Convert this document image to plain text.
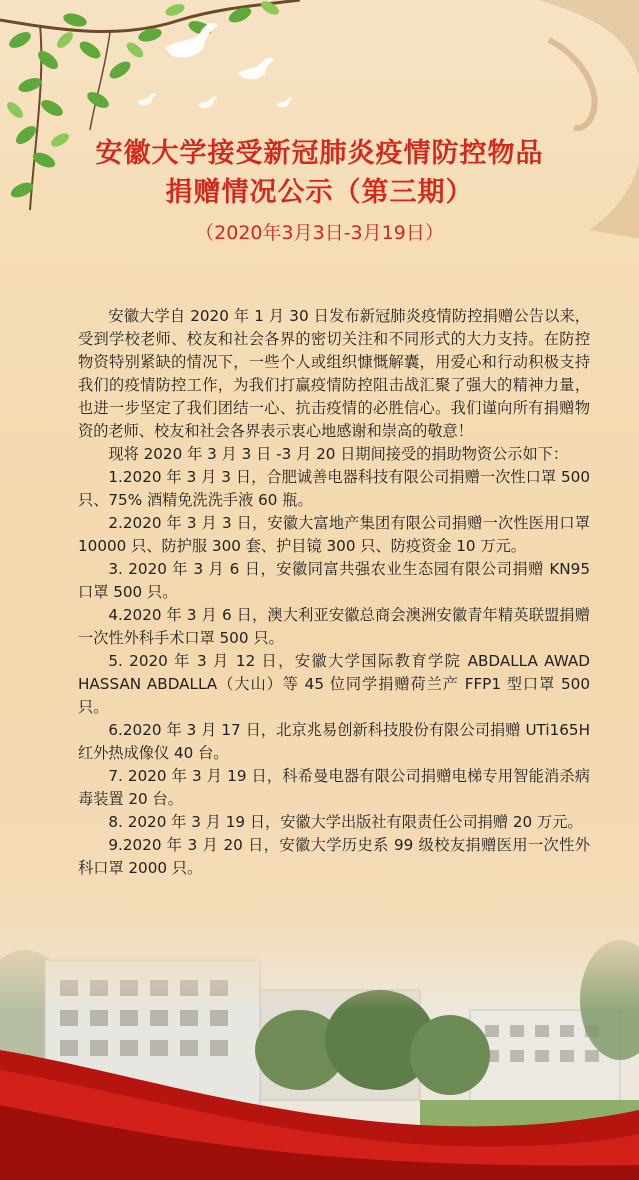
安徽大学接受新冠肺炎疫情防控物品
捐赠情况公示（第三期）
（2020年3月3日-3月19日）

安徽大学自 2020 年 1 月 30 日发布新冠肺炎疫情防控捐赠公告以来，受到学校老师、校友和社会各界的密切关注和不同形式的大力支持。在防控物资特别紧缺的情况下，一些个人或组织慷慨解囊，用爱心和行动积极支持我们的疫情防控工作，为我们打赢疫情防控阻击战汇聚了强大的精神力量，也进一步坚定了我们团结一心、抗击疫情的必胜信心。我们谨向所有捐赠物资的老师、校友和社会各界表示衷心地感谢和崇高的敬意！

现将 2020 年 3 月 3 日 -3 月 20 日期间接受的捐助物资公示如下：

1.2020 年 3 月 3 日，合肥诚善电器科技有限公司捐赠一次性口罩 500 只、75% 酒精免洗洗手液 60 瓶。

2.2020 年 3 月 3 日，安徽大富地产集团有限公司捐赠一次性医用口罩 10000 只、防护服 300 套、护目镜 300 只、防疫资金 10 万元。

3. 2020 年 3 月 6 日，安徽同富共强农业生态园有限公司捐赠 KN95 口罩 500 只。

4.2020 年 3 月 6 日，澳大利亚安徽总商会澳洲安徽青年精英联盟捐赠一次性外科手术口罩 500 只。

5. 2020 年 3 月 12 日，安徽大学国际教育学院 ABDALLA AWAD HASSAN ABDALLA（大山）等 45 位同学捐赠荷兰产 FFP1 型口罩 500 只。

6.2020 年 3 月 17 日，北京兆易创新科技股份有限公司捐赠 UTi165H 红外热成像仪 40 台。

7. 2020 年 3 月 19 日，科希曼电器有限公司捐赠电梯专用智能消杀病毒装置 20 台。

8. 2020 年 3 月 19 日，安徽大学出版社有限责任公司捐赠 20 万元。

9.2020 年 3 月 20 日，安徽大学历史系 99 级校友捐赠医用一次性外科口罩 2000 只。
